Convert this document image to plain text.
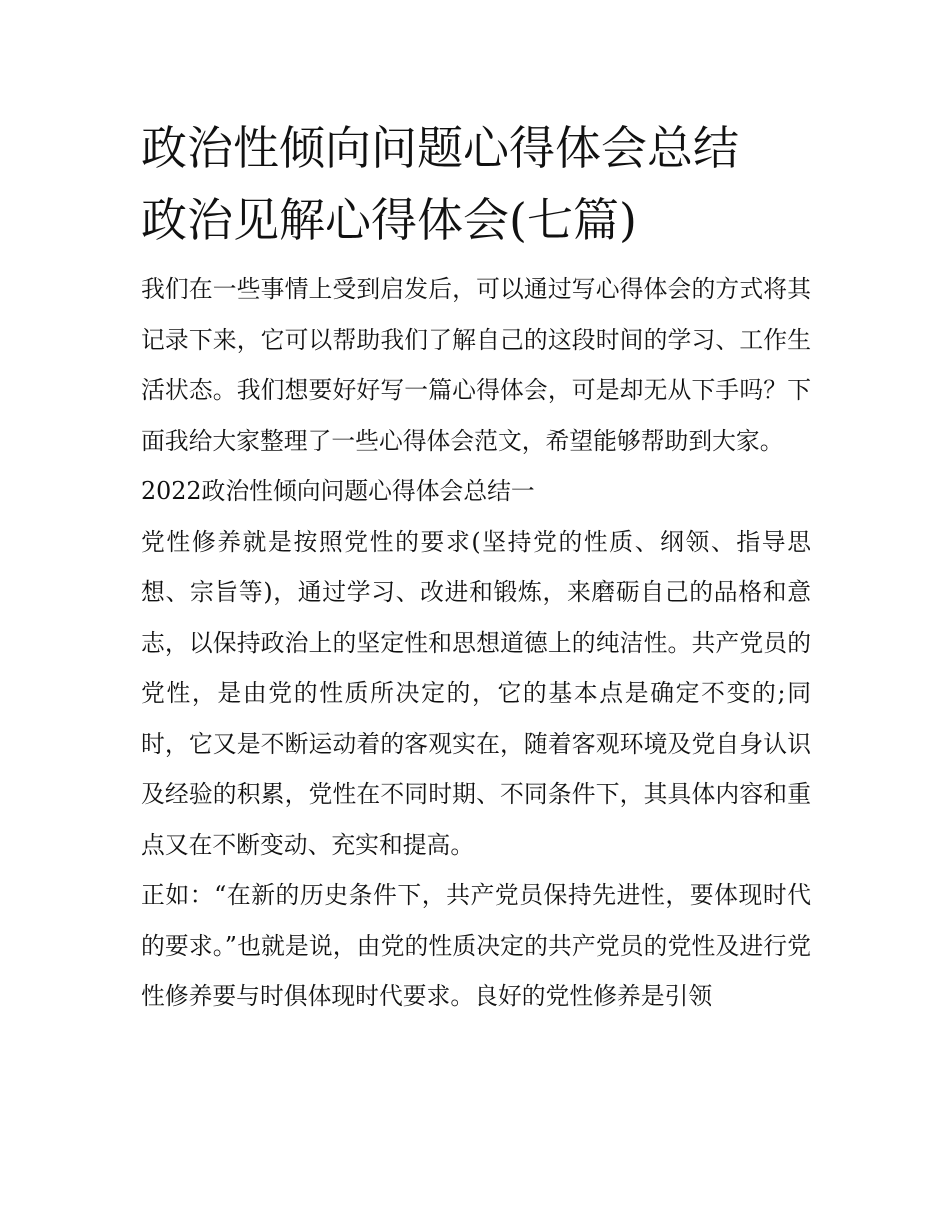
政治性倾向问题心得体会总结
政治见解心得体会(七篇)

我们在一些事情上受到启发后，可以通过写心得体会的方式将其记录下来，它可以帮助我们了解自己的这段时间的学习、工作生活状态。我们想要好好写一篇心得体会，可是却无从下手吗？下面我给大家整理了一些心得体会范文，希望能够帮助到大家。

2022政治性倾向问题心得体会总结一

党性修养就是按照党性的要求(坚持党的性质、纲领、指导思想、宗旨等)，通过学习、改进和锻炼，来磨砺自己的品格和意志，以保持政治上的坚定性和思想道德上的纯洁性。共产党员的党性，是由党的性质所决定的，它的基本点是确定不变的;同时，它又是不断运动着的客观实在，随着客观环境及党自身认识及经验的积累，党性在不同时期、不同条件下，其具体内容和重点又在不断变动、充实和提高。

正如：“在新的历史条件下，共产党员保持先进性，要体现时代的要求。”也就是说，由党的性质决定的共产党员的党性及进行党性修养要与时俱体现时代要求。良好的党性修养是引领
